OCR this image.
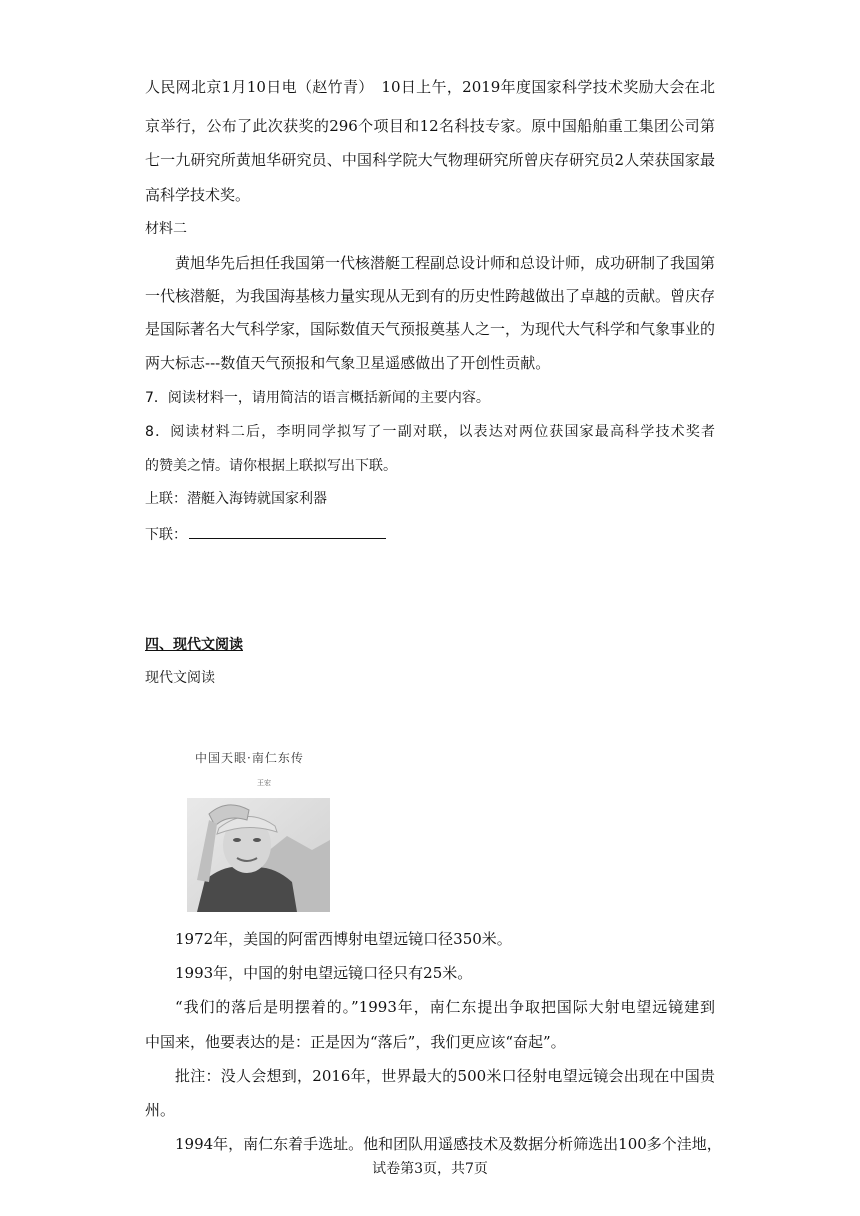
人民网北京1月10日电（赵竹青）　10日上午，2019年度国家科学技术奖励大会在北
京举行，公布了此次获奖的296个项目和12名科技专家。原中国船舶重工集团公司第
七一九研究所黄旭华研究员、中国科学院大气物理研究所曾庆存研究员2人荣获国家最
高科学技术奖。
材料二
黄旭华先后担任我国第一代核潜艇工程副总设计师和总设计师，成功研制了我国第
一代核潜艇，为我国海基核力量实现从无到有的历史性跨越做出了卓越的贡献。曾庆存
是国际著名大气科学家，国际数值天气预报奠基人之一，为现代大气科学和气象事业的
两大标志---数值天气预报和气象卫星遥感做出了开创性贡献。
7．阅读材料一，请用简洁的语言概括新闻的主要内容。
8．阅读材料二后，李明同学拟写了一副对联，以表达对两位获国家最高科学技术奖者
的赞美之情。请你根据上联拟写出下联。
上联：潜艇入海铸就国家利器
下联：
四、现代文阅读
现代文阅读
中国天眼·南仁东传
王宏
1972年，美国的阿雷西博射电望远镜口径350米。
1993年，中国的射电望远镜口径只有25米。
“我们的落后是明摆着的。”1993年，南仁东提出争取把国际大射电望远镜建到
中国来，他要表达的是：正是因为“落后”，我们更应该“奋起”。
批注：没人会想到，2016年，世界最大的500米口径射电望远镜会出现在中国贵
州。
1994年，南仁东着手选址。他和团队用遥感技术及数据分析筛选出100多个洼地，
试卷第3页，共7页
